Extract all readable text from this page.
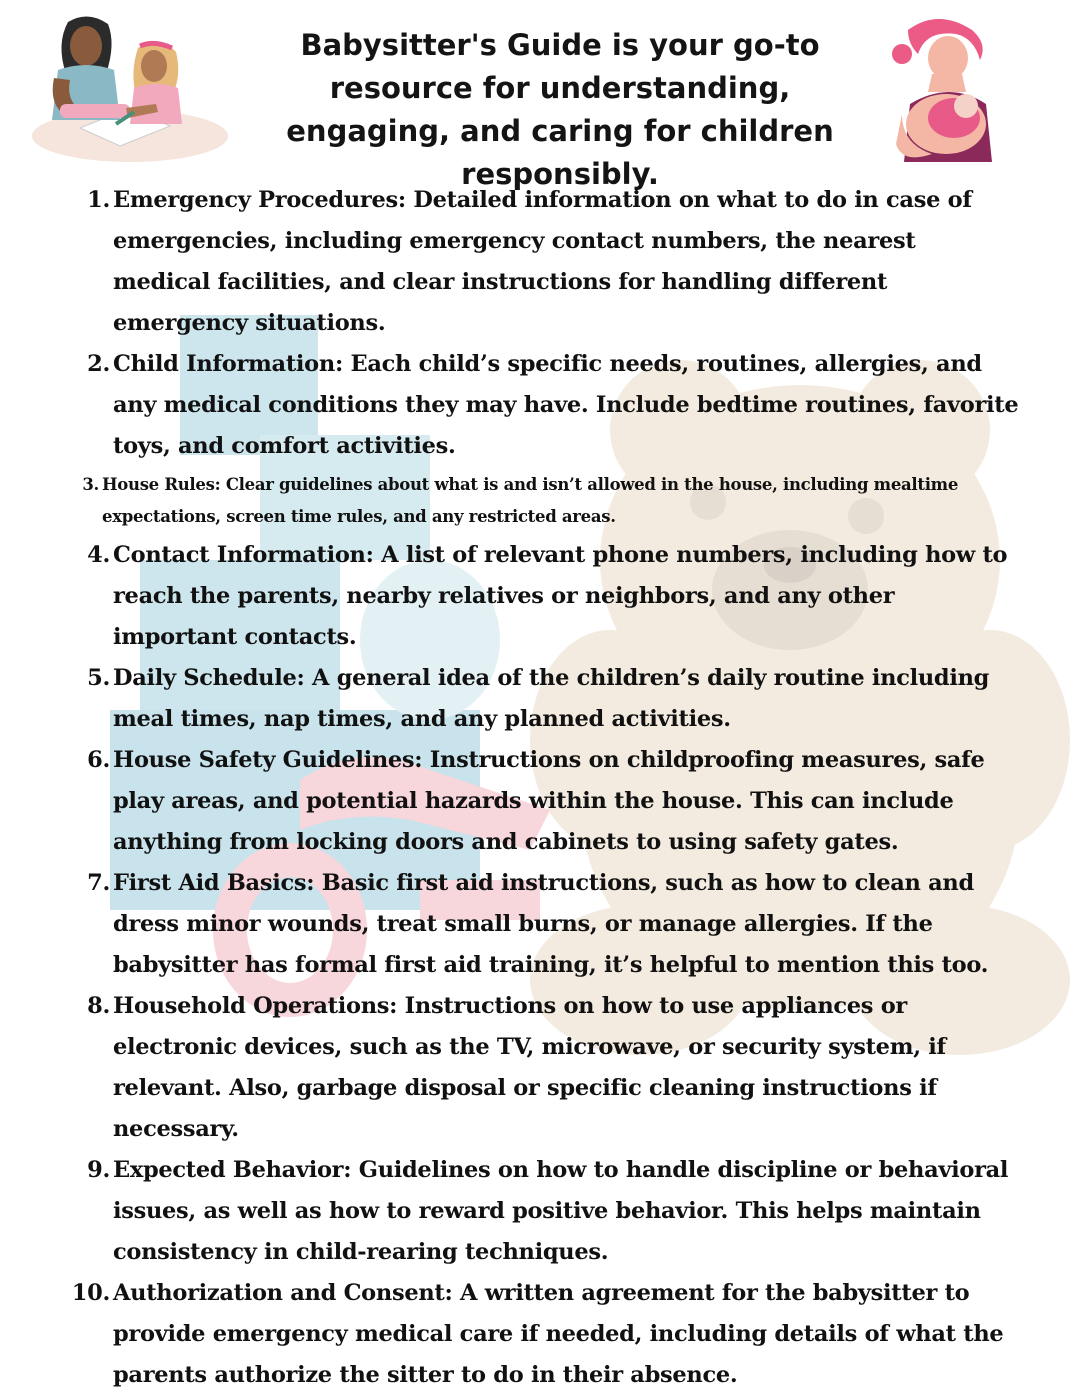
Babysitter's Guide is your go-to resource for understanding, engaging, and caring for children responsibly.
1. Emergency Procedures: Detailed information on what to do in case of emergencies, including emergency contact numbers, the nearest medical facilities, and clear instructions for handling different emergency situations.
2. Child Information: Each child’s specific needs, routines, allergies, and any medical conditions they may have. Include bedtime routines, favorite toys, and comfort activities.
3. House Rules: Clear guidelines about what is and isn’t allowed in the house, including mealtime expectations, screen time rules, and any restricted areas.
4. Contact Information: A list of relevant phone numbers, including how to reach the parents, nearby relatives or neighbors, and any other important contacts.
5. Daily Schedule: A general idea of the children’s daily routine including meal times, nap times, and any planned activities.
6. House Safety Guidelines: Instructions on childproofing measures, safe play areas, and potential hazards within the house. This can include anything from locking doors and cabinets to using safety gates.
7. First Aid Basics: Basic first aid instructions, such as how to clean and dress minor wounds, treat small burns, or manage allergies. If the babysitter has formal first aid training, it’s helpful to mention this too.
8. Household Operations: Instructions on how to use appliances or electronic devices, such as the TV, microwave, or security system, if relevant. Also, garbage disposal or specific cleaning instructions if necessary.
9. Expected Behavior: Guidelines on how to handle discipline or behavioral issues, as well as how to reward positive behavior. This helps maintain consistency in child-rearing techniques.
10. Authorization and Consent: A written agreement for the babysitter to provide emergency medical care if needed, including details of what the parents authorize the sitter to do in their absence.
